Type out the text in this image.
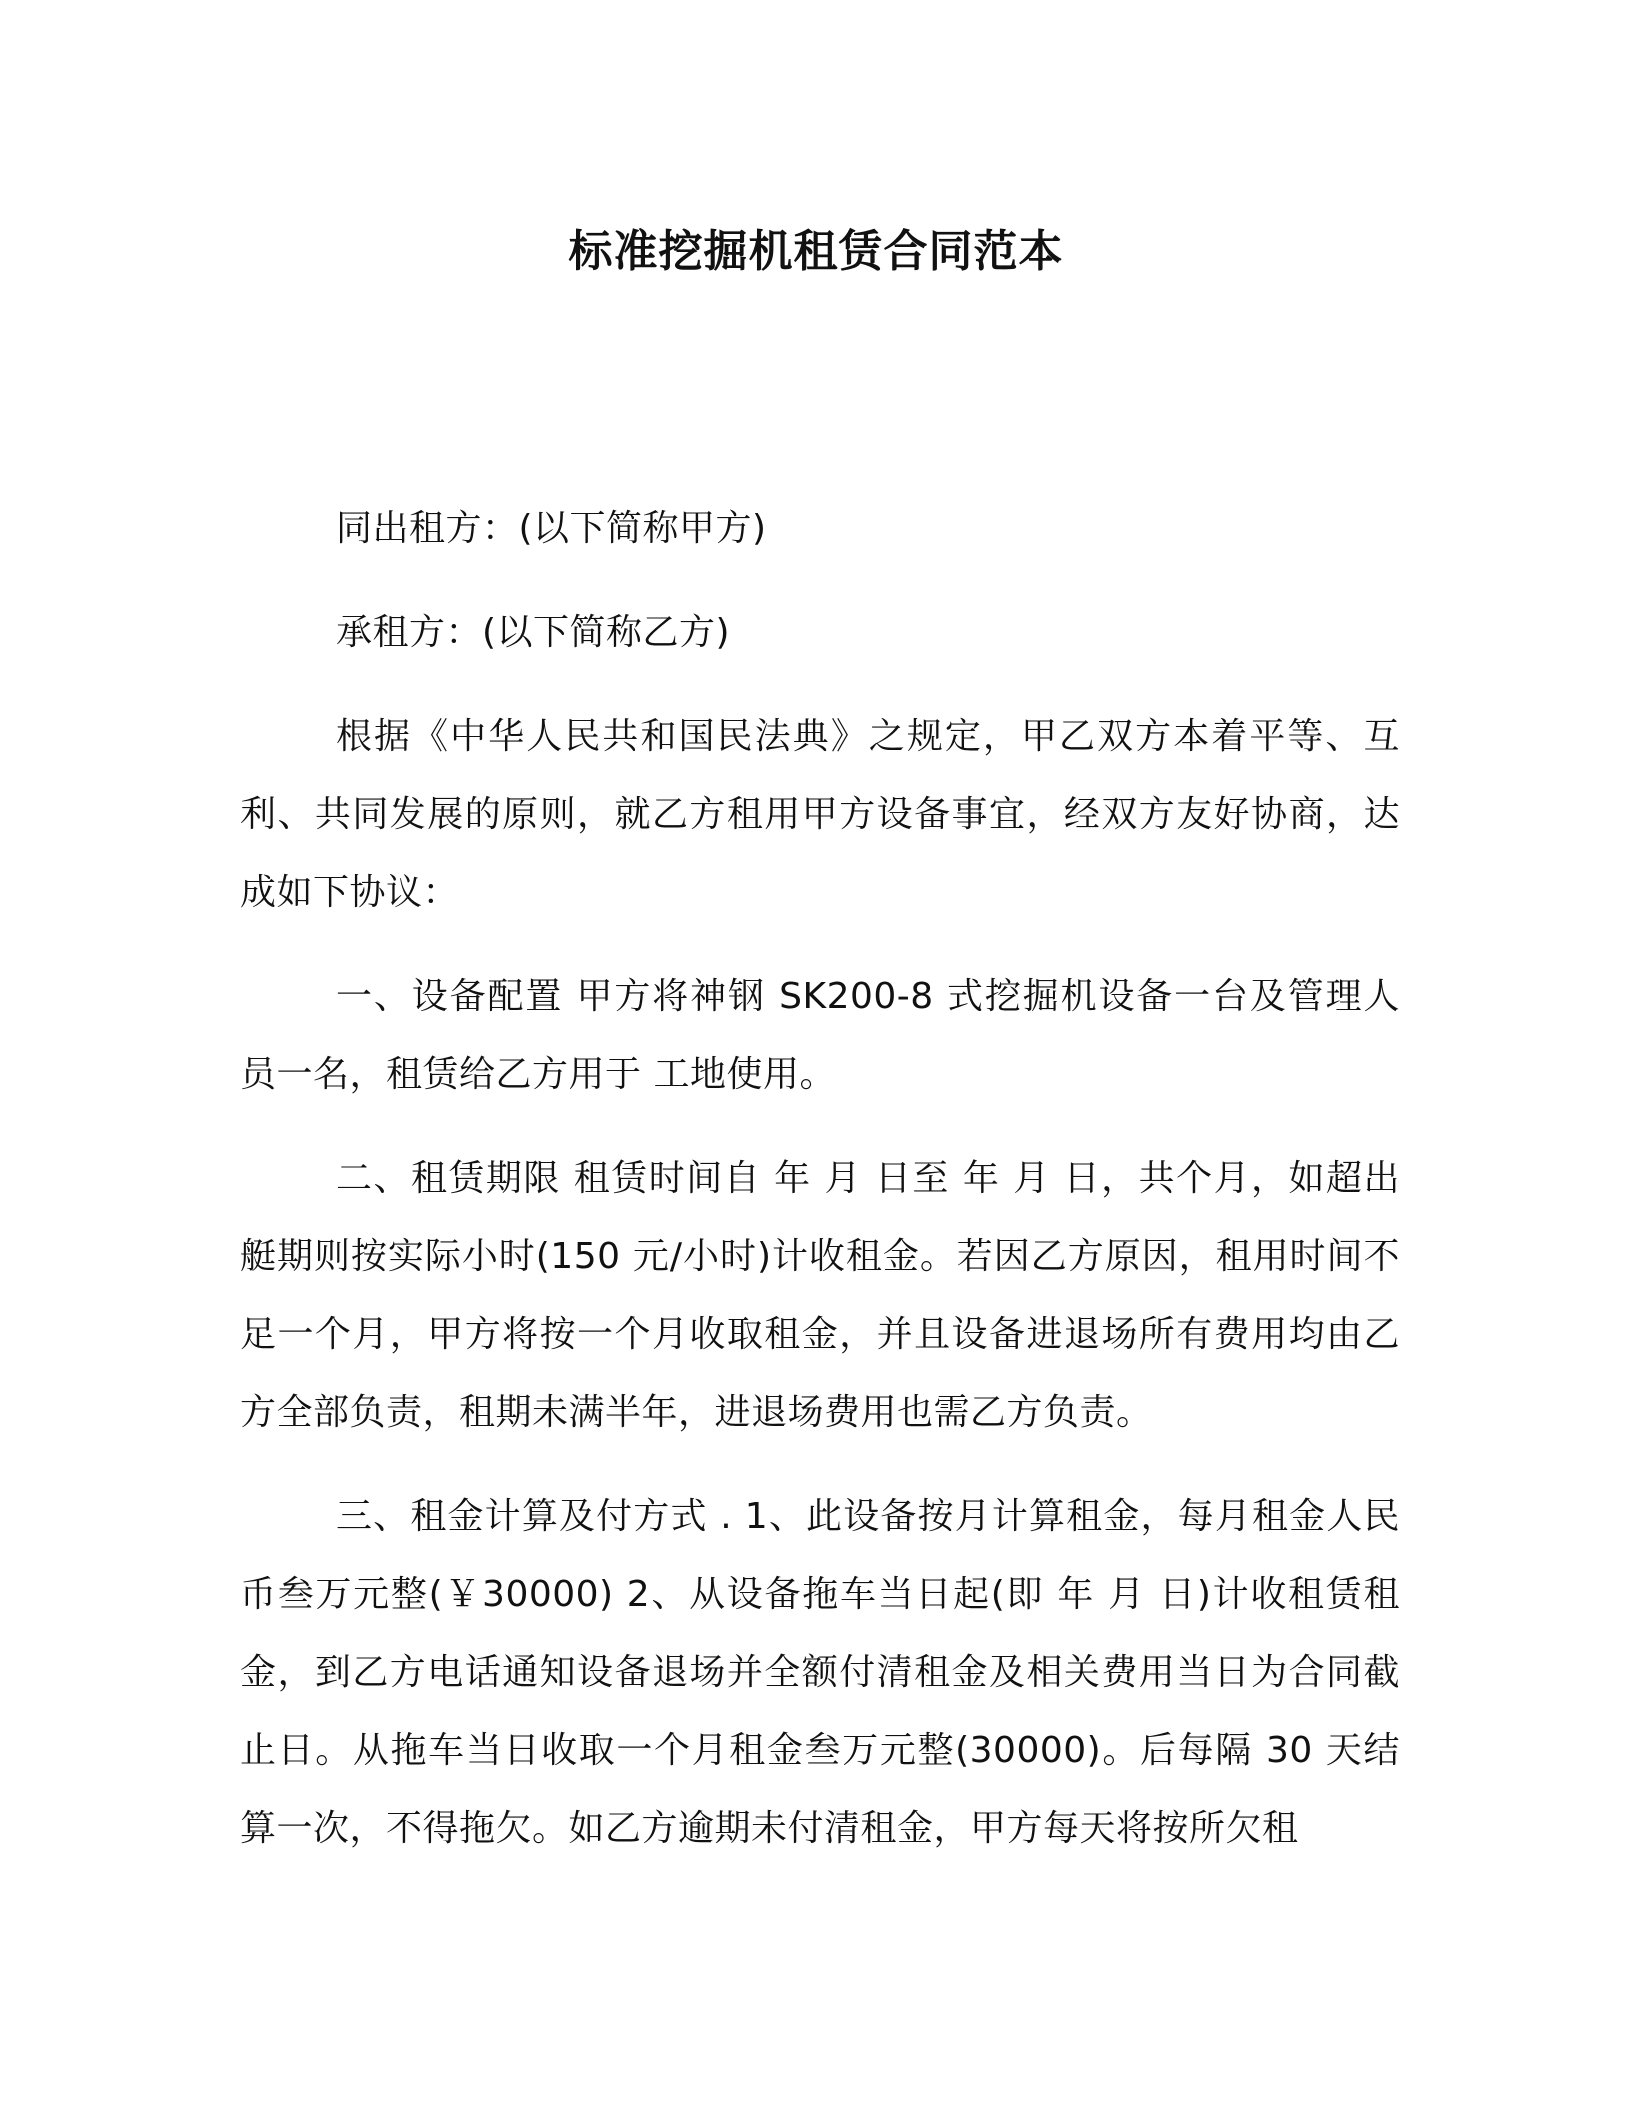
标准挖掘机租赁合同范本

同出租方：(以下简称甲方)

承租方：(以下简称乙方)

根据《中华人民共和国民法典》之规定，甲乙双方本着平等、互利、共同发展的原则，就乙方租用甲方设备事宜，经双方友好协商，达成如下协议：

一、设备配置 甲方将神钢 SK200-8 式挖掘机设备一台及管理人员一名，租赁给乙方用于 工地使用。

二、租赁期限 租赁时间自 年 月 日至 年 月 日，共个月，如超出艇期则按实际小时(150 元/小时)计收租金。若因乙方原因，租用时间不足一个月，甲方将按一个月收取租金，并且设备进退场所有费用均由乙方全部负责，租期未满半年，进退场费用也需乙方负责。

三、租金计算及付方式 . 1、此设备按月计算租金，每月租金人民币叁万元整(￥30000) 2、从设备拖车当日起(即 年 月 日)计收租赁租金，到乙方电话通知设备退场并全额付清租金及相关费用当日为合同截止日。从拖车当日收取一个月租金叁万元整(30000)。后每隔 30 天结算一次，不得拖欠。如乙方逾期未付清租金，甲方每天将按所欠租
